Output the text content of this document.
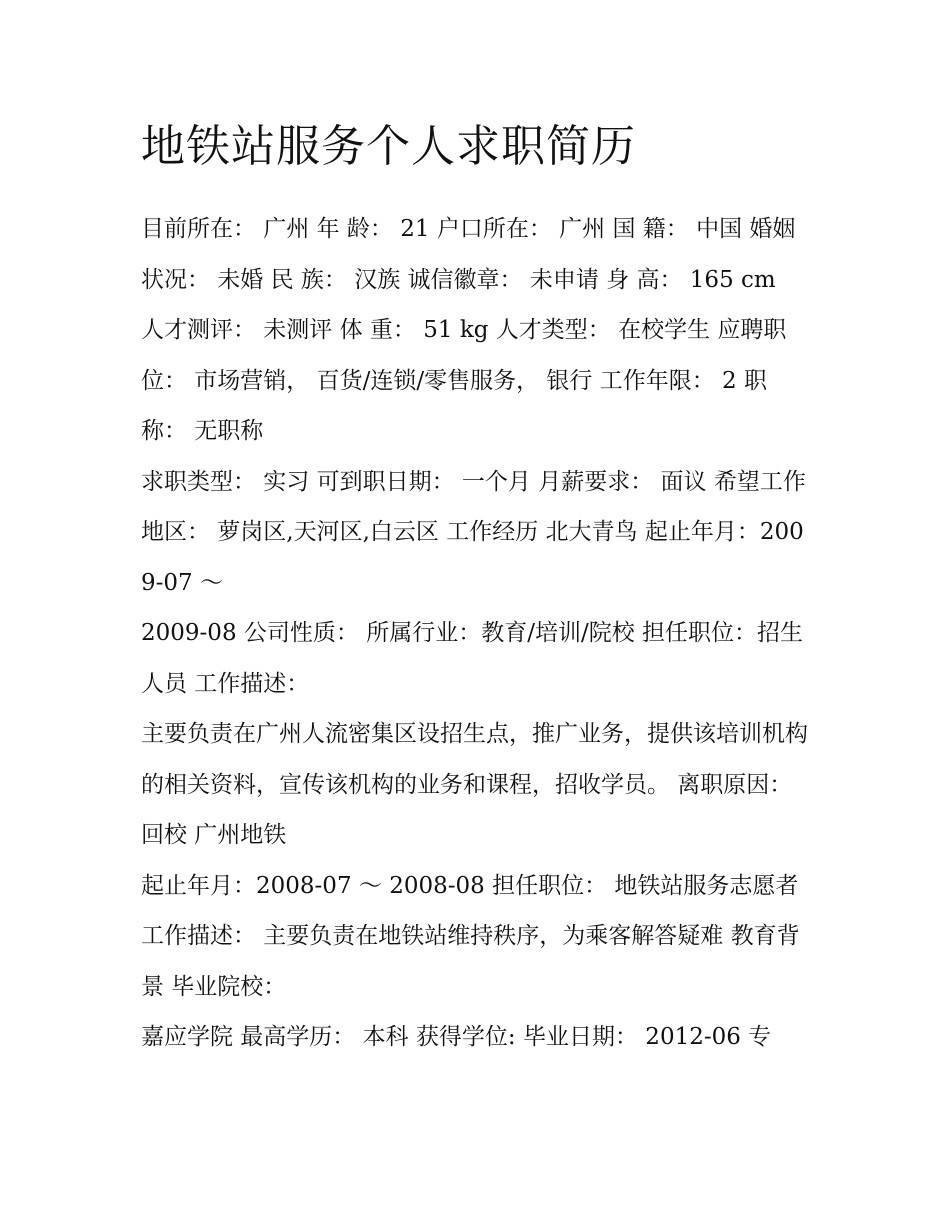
地铁站服务个人求职简历

目前所在： 广州 年 龄： 21 户口所在： 广州 国 籍： 中国 婚姻状况： 未婚 民 族： 汉族 诚信徽章： 未申请 身 高： 165 cm

人才测评： 未测评 体 重： 51 kg 人才类型： 在校学生 应聘职位： 市场营销， 百货/连锁/零售服务， 银行 工作年限： 2 职 称： 无职称

求职类型： 实习 可到职日期： 一个月 月薪要求： 面议 希望工作地区： 萝岗区,天河区,白云区 工作经历 北大青鸟 起止年月：2009-07 ～

2009-08 公司性质： 所属行业：教育/培训/院校 担任职位：招生人员 工作描述：

主要负责在广州人流密集区设招生点，推广业务，提供该培训机构的相关资料，宣传该机构的业务和课程，招收学员。 离职原因： 回校 广州地铁

起止年月：2008-07 ～ 2008-08 担任职位： 地铁站服务志愿者 工作描述： 主要负责在地铁站维持秩序，为乘客解答疑难 教育背景 毕业院校：

嘉应学院 最高学历： 本科 获得学位: 毕业日期： 2012-06 专
